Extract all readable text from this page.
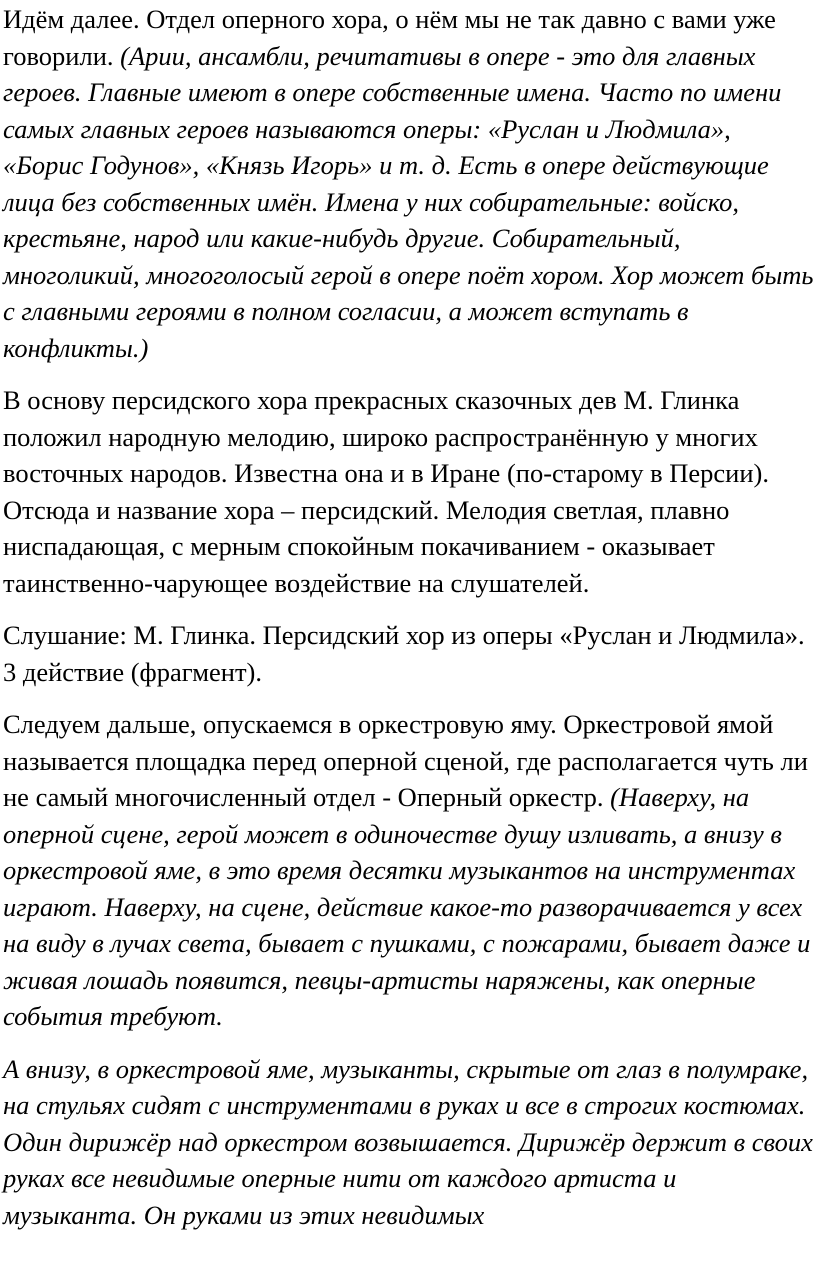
Идём далее. Отдел оперного хора, о нём мы не так давно с вами уже говорили. (Арии, ансамбли, речитативы в опере - это для главных героев. Главные имеют в опере собственные имена. Часто по имени самых главных героев называются оперы: «Руслан и Людмила», «Борис Годунов», «Князь Игорь» и т. д. Есть в опере действующие лица без собственных имён. Имена у них собирательные: войско, крестьяне, народ или какие-нибудь другие. Собирательный, многоликий, многоголосый герой в опере поёт хором. Хор может быть с главными героями в полном согласии, а может вступать в конфликты.)

В основу персидского хора прекрасных сказочных дев М. Глинка положил народную мелодию, широко распространённую у многих восточных народов. Известна она и в Иране (по-старому в Персии). Отсюда и название хора – персидский. Мелодия светлая, плавно ниспадающая, с мерным спокойным покачиванием - оказывает таинственно-чарующее воздействие на слушателей.

Слушание: М. Глинка. Персидский хор из оперы «Руслан и Людмила». 3 действие (фрагмент).

Следуем дальше, опускаемся в оркестровую яму. Оркестровой ямой называется площадка перед оперной сценой, где располагается чуть ли не самый многочисленный отдел - Оперный оркестр. (Наверху, на оперной сцене, герой может в одиночестве душу изливать, а внизу в оркестровой яме, в это время десятки музыкантов на инструментах играют. Наверху, на сцене, действие какое-то разворачивается у всех на виду в лучах света, бывает с пушками, с пожарами, бывает даже и живая лошадь появится, певцы-артисты наряжены, как оперные события требуют.

А внизу, в оркестровой яме, музыканты, скрытые от глаз в полумраке, на стульях сидят с инструментами в руках и все в строгих костюмах. Один дирижёр над оркестром возвышается. Дирижёр держит в своих руках все невидимые оперные нити от каждого артиста и музыканта. Он руками из этих невидимых
